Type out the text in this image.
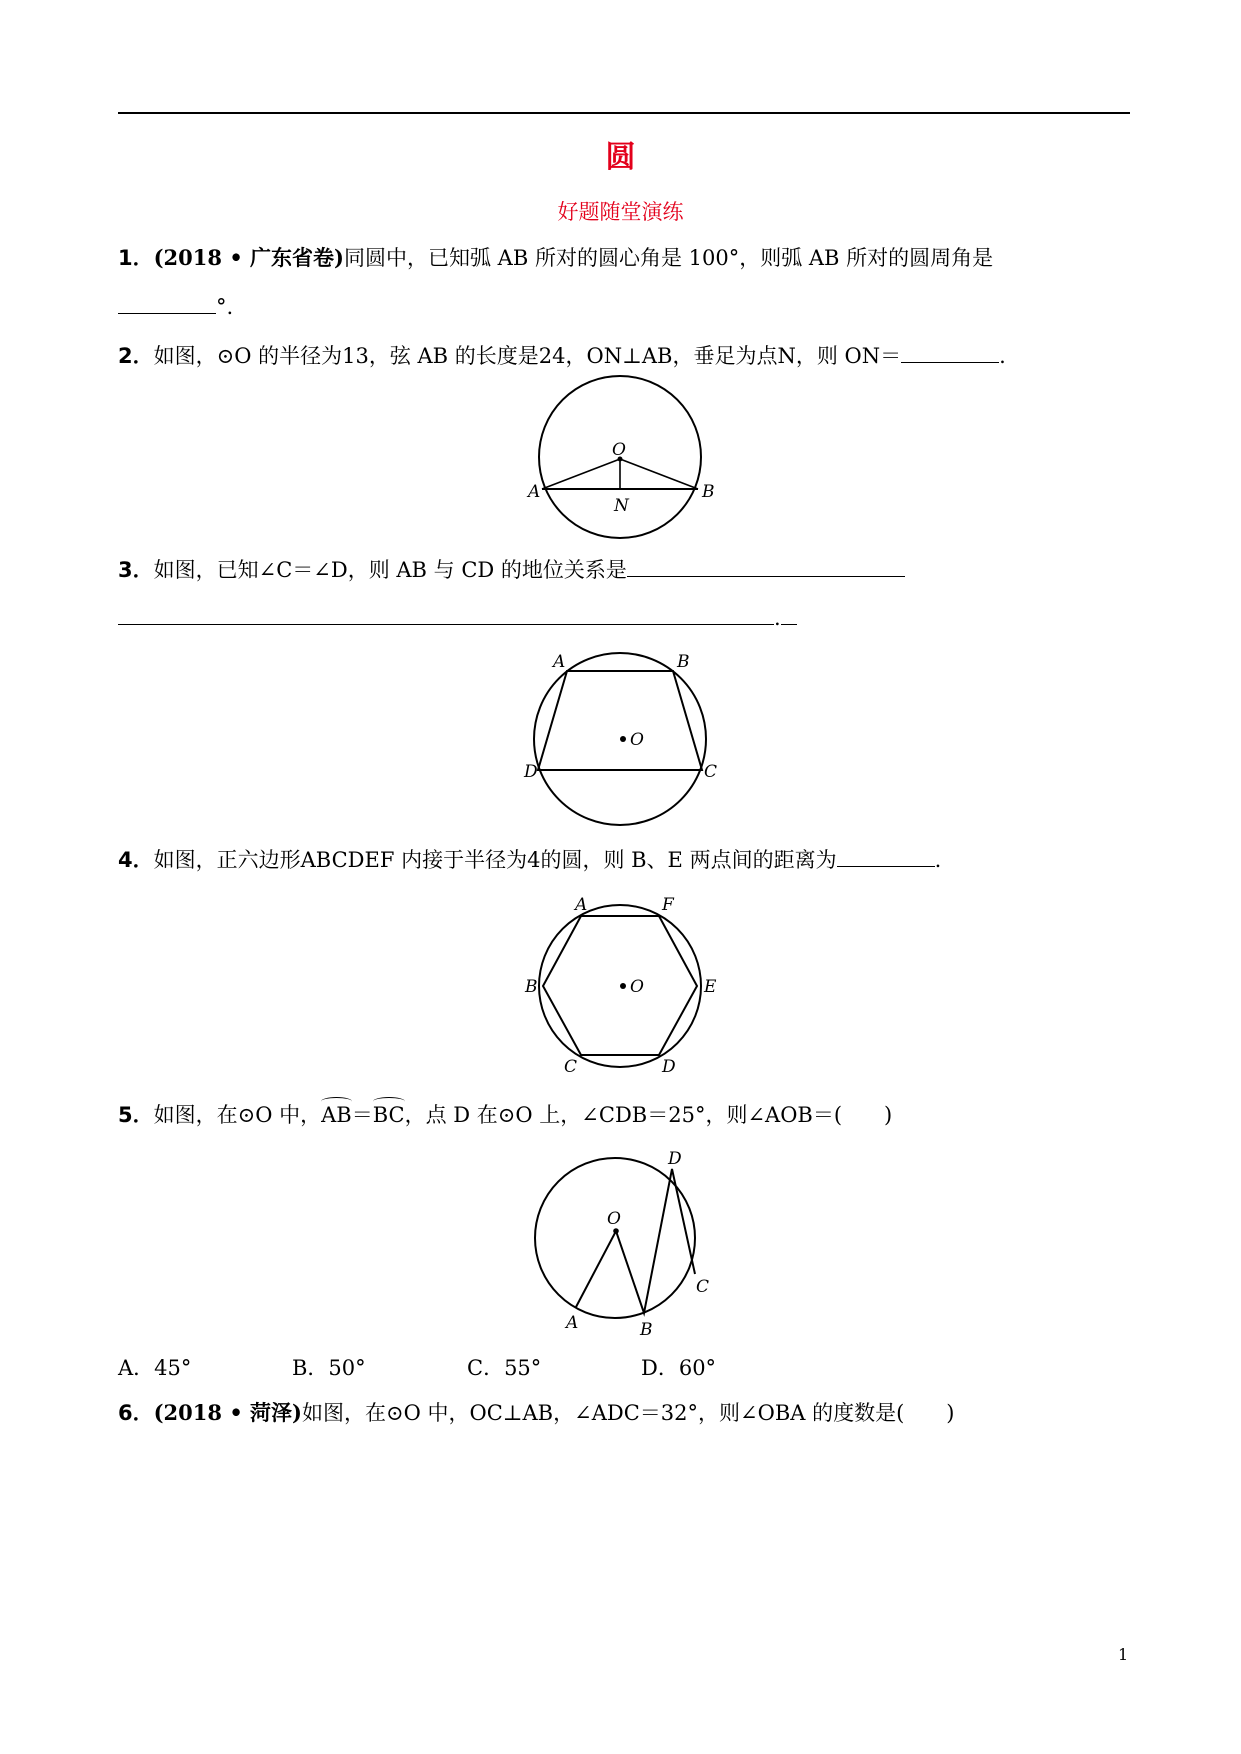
圆
好题随堂演练
1．(2018 • 广东省卷)同圆中，已知弧 AB 所对的圆心角是 100°，则弧 AB 所对的圆周角是
°.
2．如图，⊙O 的半径为13，弦 AB 的长度是24，ON⊥AB，垂足为点N，则 ON＝	.
O
A	B
N
3．如图，已知∠C＝∠D，则 AB 与 CD 的地位关系是
.
O
A	B
C
D
4．如图，正六边形ABCDEF 内接于半径为4的圆，则 B、E 两点间的距离为	.
O
A	F
B	E
C	D
5．如图，在⊙O 中，AB＝BC，点 D 在⊙O 上，∠CDB＝25°，则∠AOB＝(　　)
O
A	B
C
D
A．45°	B．50°	C．55°	D．60°
6．(2018 • 菏泽)如图，在⊙O 中，OC⊥AB，∠ADC＝32°，则∠OBA 的度数是(　　)
1
